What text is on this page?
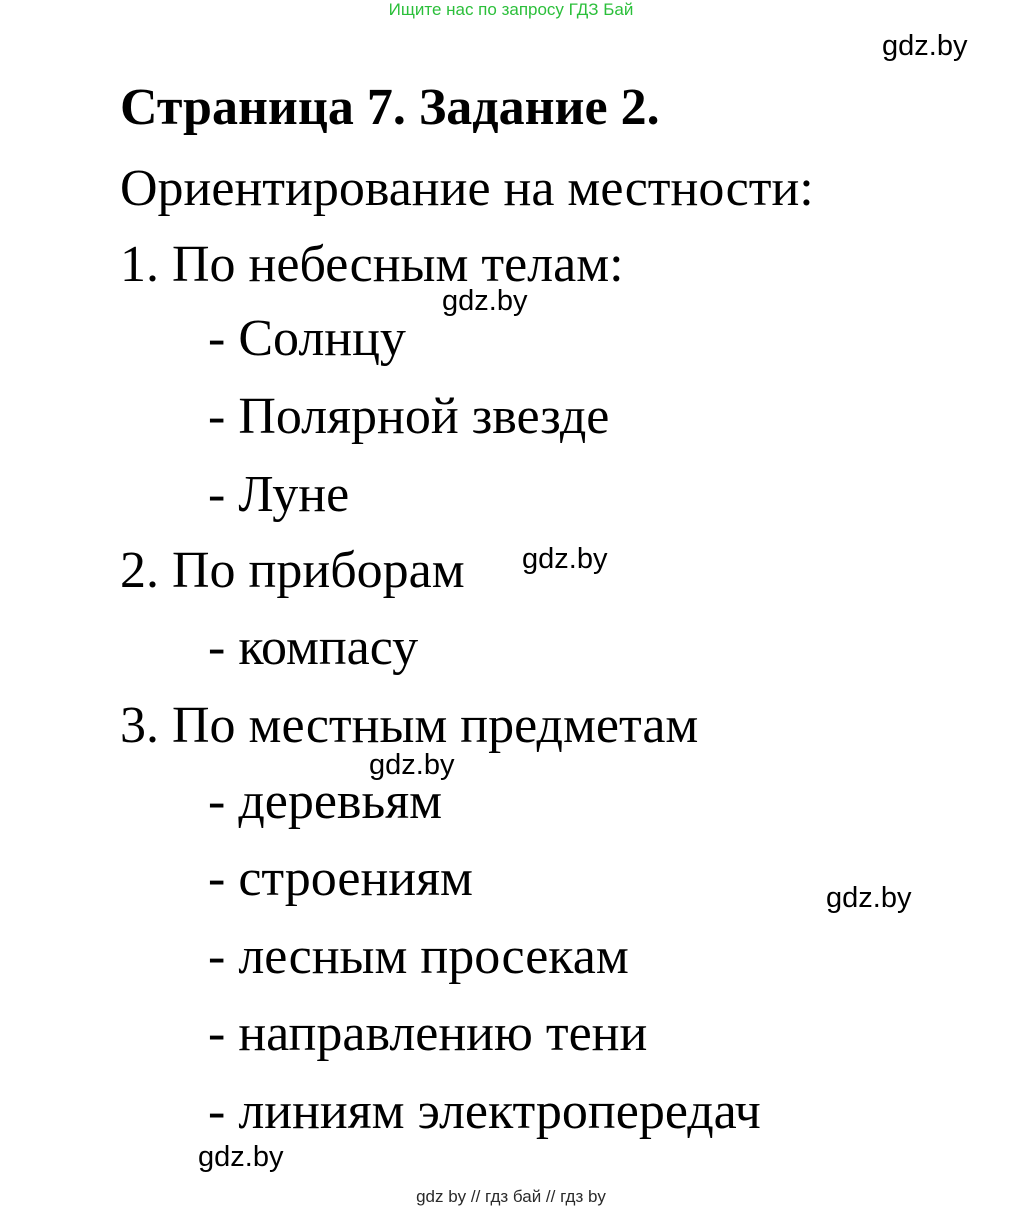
Ищите нас по запросу ГДЗ Бай
gdz.by
Страница 7. Задание 2.
Ориентирование на местности:
1. По небесным телам:
gdz.by
- Солнцу
- Полярной звезде
- Луне
2. По приборам gdz.by
- компасу
3. По местным предметам
gdz.by
- деревьям
- строениям	gdz.by
- лесным просекам
- направлению тени
- линиям электропередач
gdz.by
gdz by // гдз бай // гдз by
